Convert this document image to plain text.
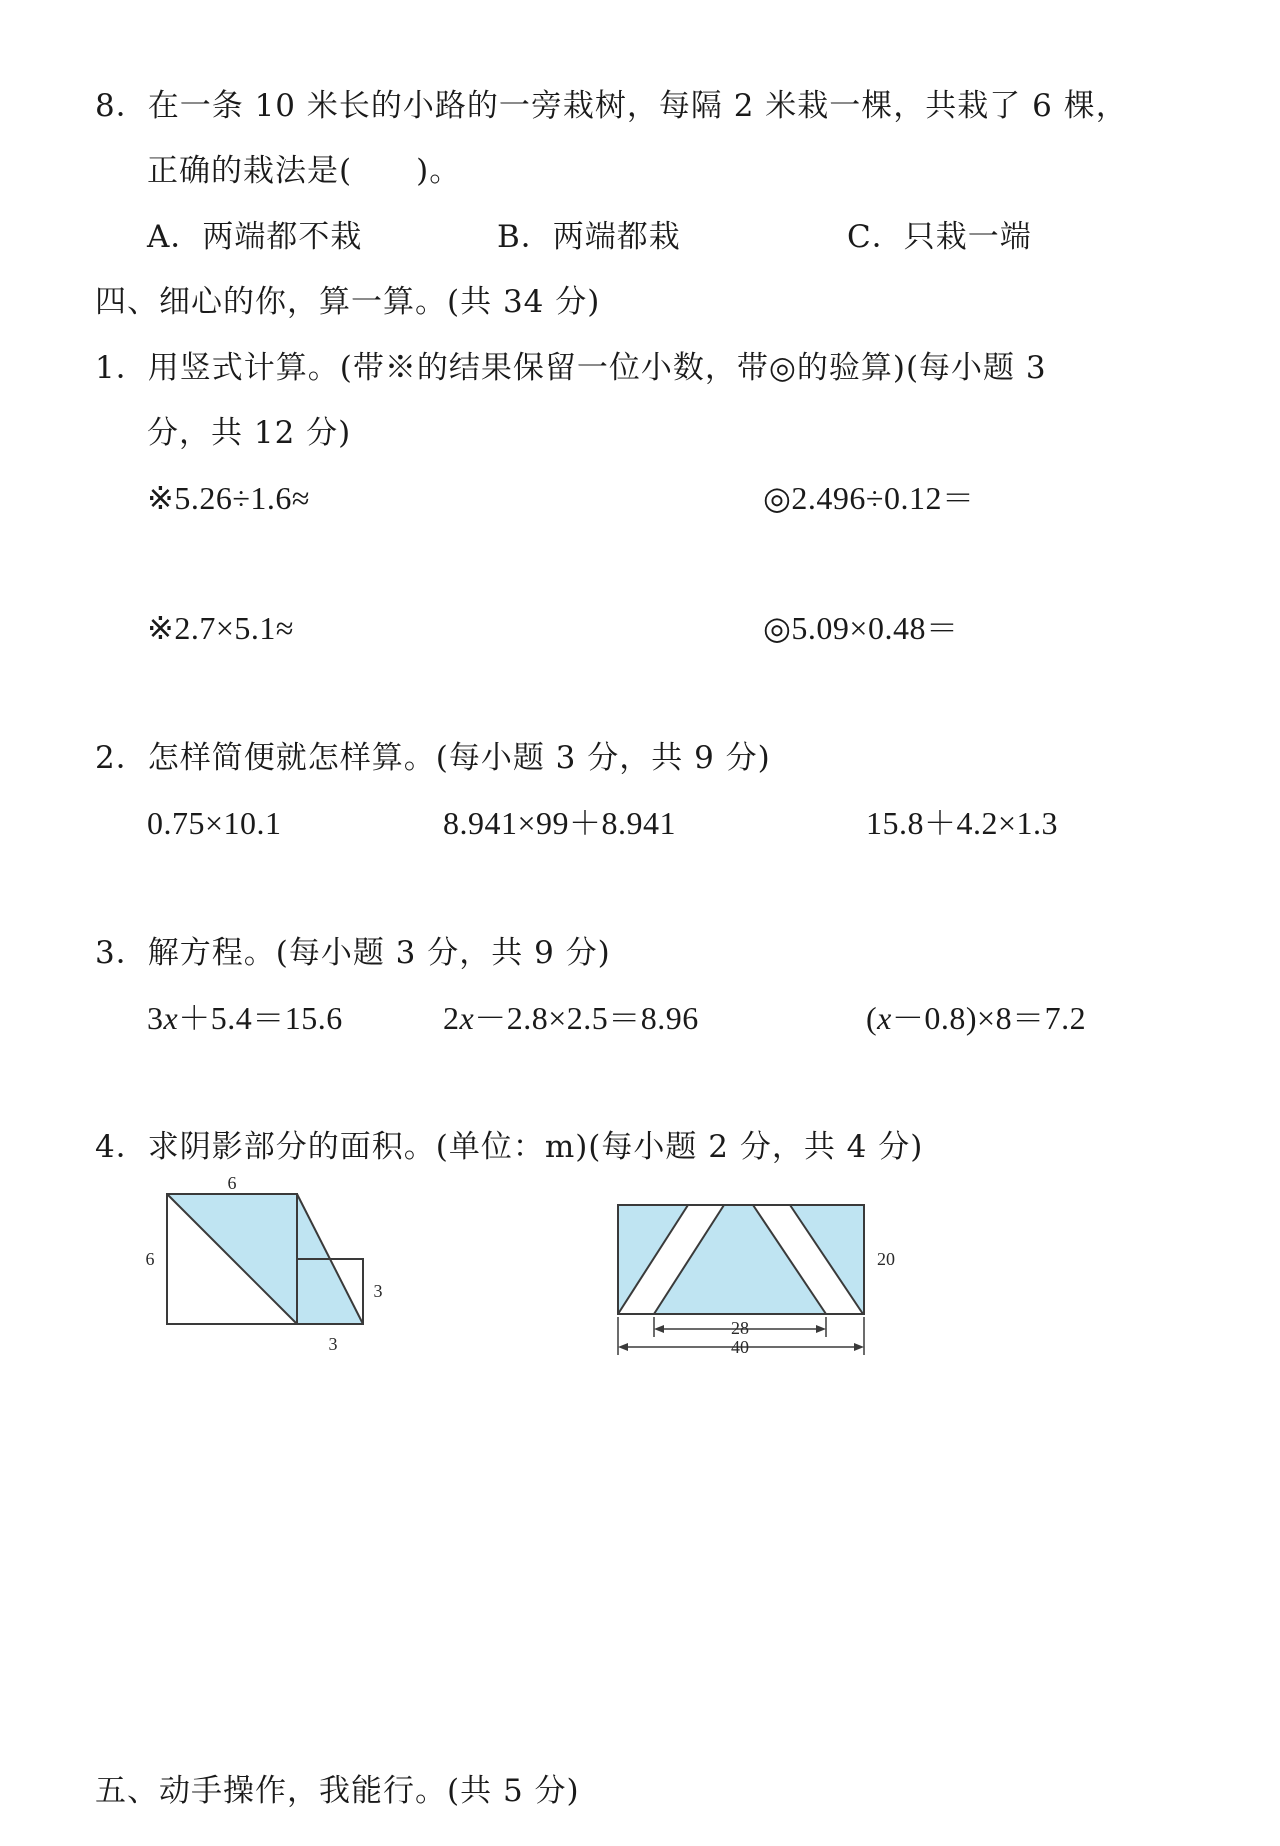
8．在一条 10 米长的小路的一旁栽树，每隔 2 米栽一棵，共栽了 6 棵，
正确的栽法是(　　)。
A．两端都不栽	B．两端都栽	C．只栽一端
四、细心的你，算一算。(共 34 分)
1．用竖式计算。(带※的结果保留一位小数，带◎的验算)(每小题 3
分，共 12 分)
※5.26÷1.6≈	◎2.496÷0.12＝
※2.7×5.1≈	◎5.09×0.48＝
2．怎样简便就怎样算。(每小题 3 分，共 9 分)
0.75×10.1	8.941×99＋8.941	15.8＋4.2×1.3
3．解方程。(每小题 3 分，共 9 分)
3x＋5.4＝15.6	2x－2.8×2.5＝8.96	(x－0.8)×8＝7.2
4．求阴影部分的面积。(单位：m)(每小题 2 分，共 4 分)
6
6
3
3
20
28
40
五、动手操作，我能行。(共 5 分)
